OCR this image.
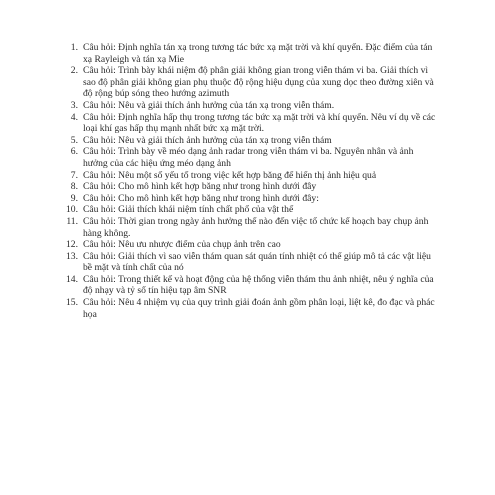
1. Câu hỏi: Định nghĩa tán xạ trong tương tác bức xạ mặt trời và khí quyển. Đặc điểm của tán xạ Rayleigh và tán xạ Mie
2. Câu hỏi: Trình bày khái niệm độ phân giải không gian trong viễn thám vi ba. Giải thích vì sao độ phân giải không gian phụ thuộc độ rộng hiệu dụng của xung dọc theo đường xiên và độ rộng búp sóng theo hướng azimuth
3. Câu hỏi: Nêu và giải thích ảnh hưởng của tán xạ trong viễn thám.
4. Câu hỏi: Định nghĩa hấp thụ trong tương tác bức xạ mặt trời và khí quyển. Nêu ví dụ về các loại khí gas hấp thụ mạnh nhất bức xạ mặt trời.
5. Câu hỏi: Nêu và giải thích ảnh hưởng của tán xạ trong viễn thám
6. Câu hỏi: Trình bày về méo dạng ảnh radar trong viễn thám vi ba. Nguyên nhân và ảnh hưởng của các hiệu ứng méo dạng ảnh
7. Câu hỏi: Nêu một số yếu tố trong việc kết hợp băng để hiển thị ảnh hiệu quả
8. Câu hỏi: Cho mô hình kết hợp băng như trong hình dưới đây
9. Câu hỏi: Cho mô hình kết hợp băng như trong hình dưới đây:
10. Câu hỏi: Giải thích khái niệm tính chất phổ của vật thể
11. Câu hỏi: Thời gian trong ngày ảnh hưởng thế nào đến việc tổ chức kế hoạch bay chụp ảnh hàng không.
12. Câu hỏi: Nêu ưu nhược điểm của chụp ảnh trên cao
13. Câu hỏi: Giải thích vì sao viễn thám quan sát quán tính nhiệt có thể giúp mô tả các vật liệu bề mặt và tính chất của nó
14. Câu hỏi: Trong thiết kế và hoạt động của hệ thống viễn thám thu ảnh nhiệt, nêu ý nghĩa của độ nhạy và tỷ số tín hiệu tạp âm SNR
15. Câu hỏi: Nêu 4 nhiệm vụ của quy trình giải đoán ảnh gồm phân loại, liệt kê, đo đạc và phác họa
